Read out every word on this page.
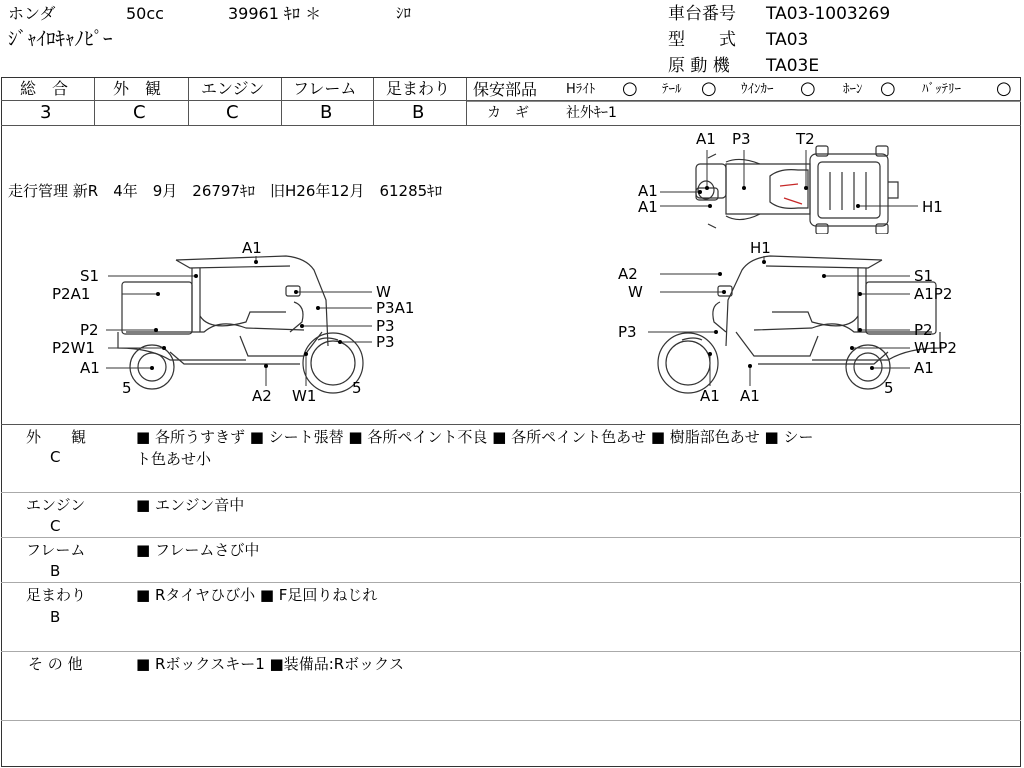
ホンダ	50cc	39961 ｷﾛ ＊	ｼﾛ
ｼﾞｬｲﾛｷｬﾉﾋﾟｰ
車台番号 TA03-1003269
型　　式 TA03
原 動 機 TA03E
総　合
3
外　観
C
エンジン
C
フレーム
B
足まわり
B
保安部品 Hﾗｲﾄ ○ ﾃｰﾙ ○ ｳｲﾝｶｰ ○ ﾎｰﾝ ○ ﾊﾞｯﾃﾘｰ ○
カ　ギ	社外ｷｰ1
走行管理 新R　4年　9月　26797ｷﾛ　旧H26年12月　61285ｷﾛ
A1 P3	T2
A1
A1	H1
A1
S1
P2A1	W
P3A1
P3
P2
P2W1	P3
A1
5	A2 W1 5
H1
A2	S1
W	A1P2
P3	P2
W1P2
A1
5
A1 A1
外　　観
C
■ 各所うすきず ■ シート張替 ■ 各所ペイント不良 ■ 各所ペイント色あせ ■ 樹脂部色あせ ■ シー
ト色あせ小
エンジン
C
■ エンジン音中
フレーム
B
■ フレームさび中
足まわり
B
■ Rタイヤひび小 ■ F足回りねじれ
そ の 他	■ Rボックスキー1 ■装備品:Rボックス
